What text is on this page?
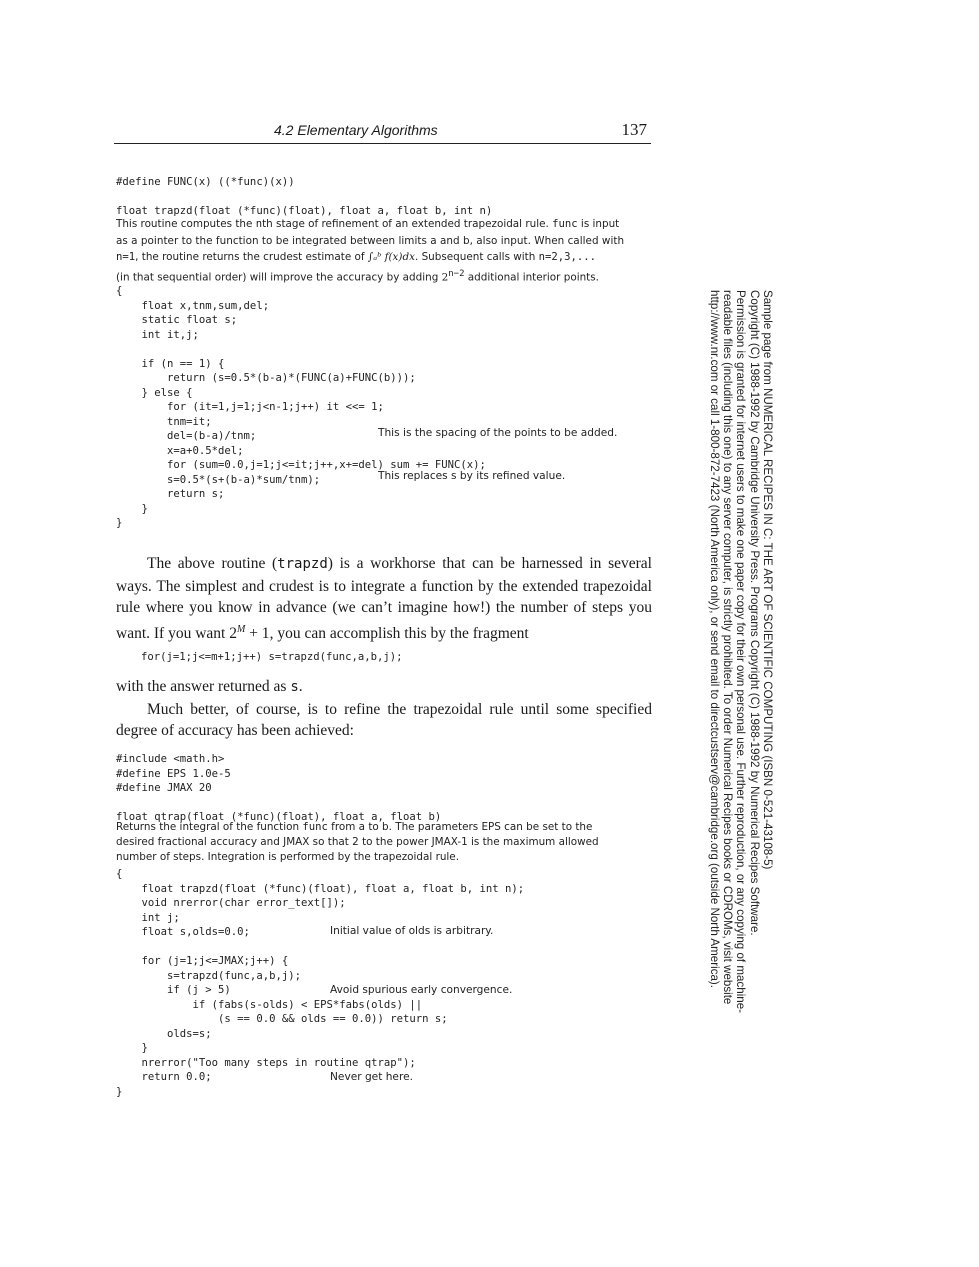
4.2 Elementary Algorithms	137
#define FUNC(x) ((*func)(x))
float trapzd(float (*func)(float), float a, float b, int n)
This routine computes the nth stage of refinement of an extended trapezoidal rule. func is input
as a pointer to the function to be integrated between limits a and b, also input. When called with
n=1, the routine returns the crudest estimate of ∫ₐᵇ f(x)dx. Subsequent calls with n=2,3,...
(in that sequential order) will improve the accuracy by adding $2^{n-2}$ additional interior points.
{
float x,tnm,sum,del;
static float s;
int it,j;

if (n == 1) {
return (s=0.5*(b-a)*(FUNC(a)+FUNC(b)));
} else {
for (it=1,j=1;j<n-1;j++) it <<= 1;
tnm=it;
del=(b-a)/tnm;
x=a+0.5*del;
for (sum=0.0,j=1;j<=it;j++,x+=del) sum += FUNC(x);
s=0.5*(s+(b-a)*sum/tnm);
return s;
}
}
This is the spacing of the points to be added.
This replaces s by its refined value.
The above routine (trapzd) is a workhorse that can be harnessed in several
ways. The simplest and crudest is to integrate a function by the extended trapezoidal
rule where you know in advance (we can’t imagine how!) the number of steps you
want. If you want $2^M + 1$, you can accomplish this by the fragment
for(j=1;j<=m+1;j++) s=trapzd(func,a,b,j);
with the answer returned as s.
Much better, of course, is to refine the trapezoidal rule until some specified
degree of accuracy has been achieved:
#include <math.h>
#define EPS 1.0e-5
#define JMAX 20
float qtrap(float (*func)(float), float a, float b)
Returns the integral of the function func from a to b. The parameters EPS can be set to the
desired fractional accuracy and JMAX so that 2 to the power JMAX-1 is the maximum allowed
number of steps. Integration is performed by the trapezoidal rule.
{
float trapzd(float (*func)(float), float a, float b, int n);
void nrerror(char error_text[]);
int j;
float s,olds=0.0;

for (j=1;j<=JMAX;j++) {
s=trapzd(func,a,b,j);
if (j > 5)
if (fabs(s-olds) < EPS*fabs(olds) ||
(s == 0.0 && olds == 0.0)) return s;
olds=s;
}
nrerror("Too many steps in routine qtrap");
return 0.0;
}
Initial value of olds is arbitrary.
Avoid spurious early convergence.
Never get here.
Sample page from NUMERICAL RECIPES IN C: THE ART OF SCIENTIFIC COMPUTING (ISBN 0-521-43108-5)
Copyright (C) 1988-1992 by Cambridge University Press. Programs Copyright (C) 1988-1992 by Numerical Recipes Software.
Permission is granted for internet users to make one paper copy for their own personal use. Further reproduction, or any copying of machine-
readable files (including this one) to any server computer, is strictly prohibited. To order Numerical Recipes books or CDROMs, visit website
http://www.nr.com or call 1-800-872-7423 (North America only), or send email to directcustserv@cambridge.org (outside North America).
